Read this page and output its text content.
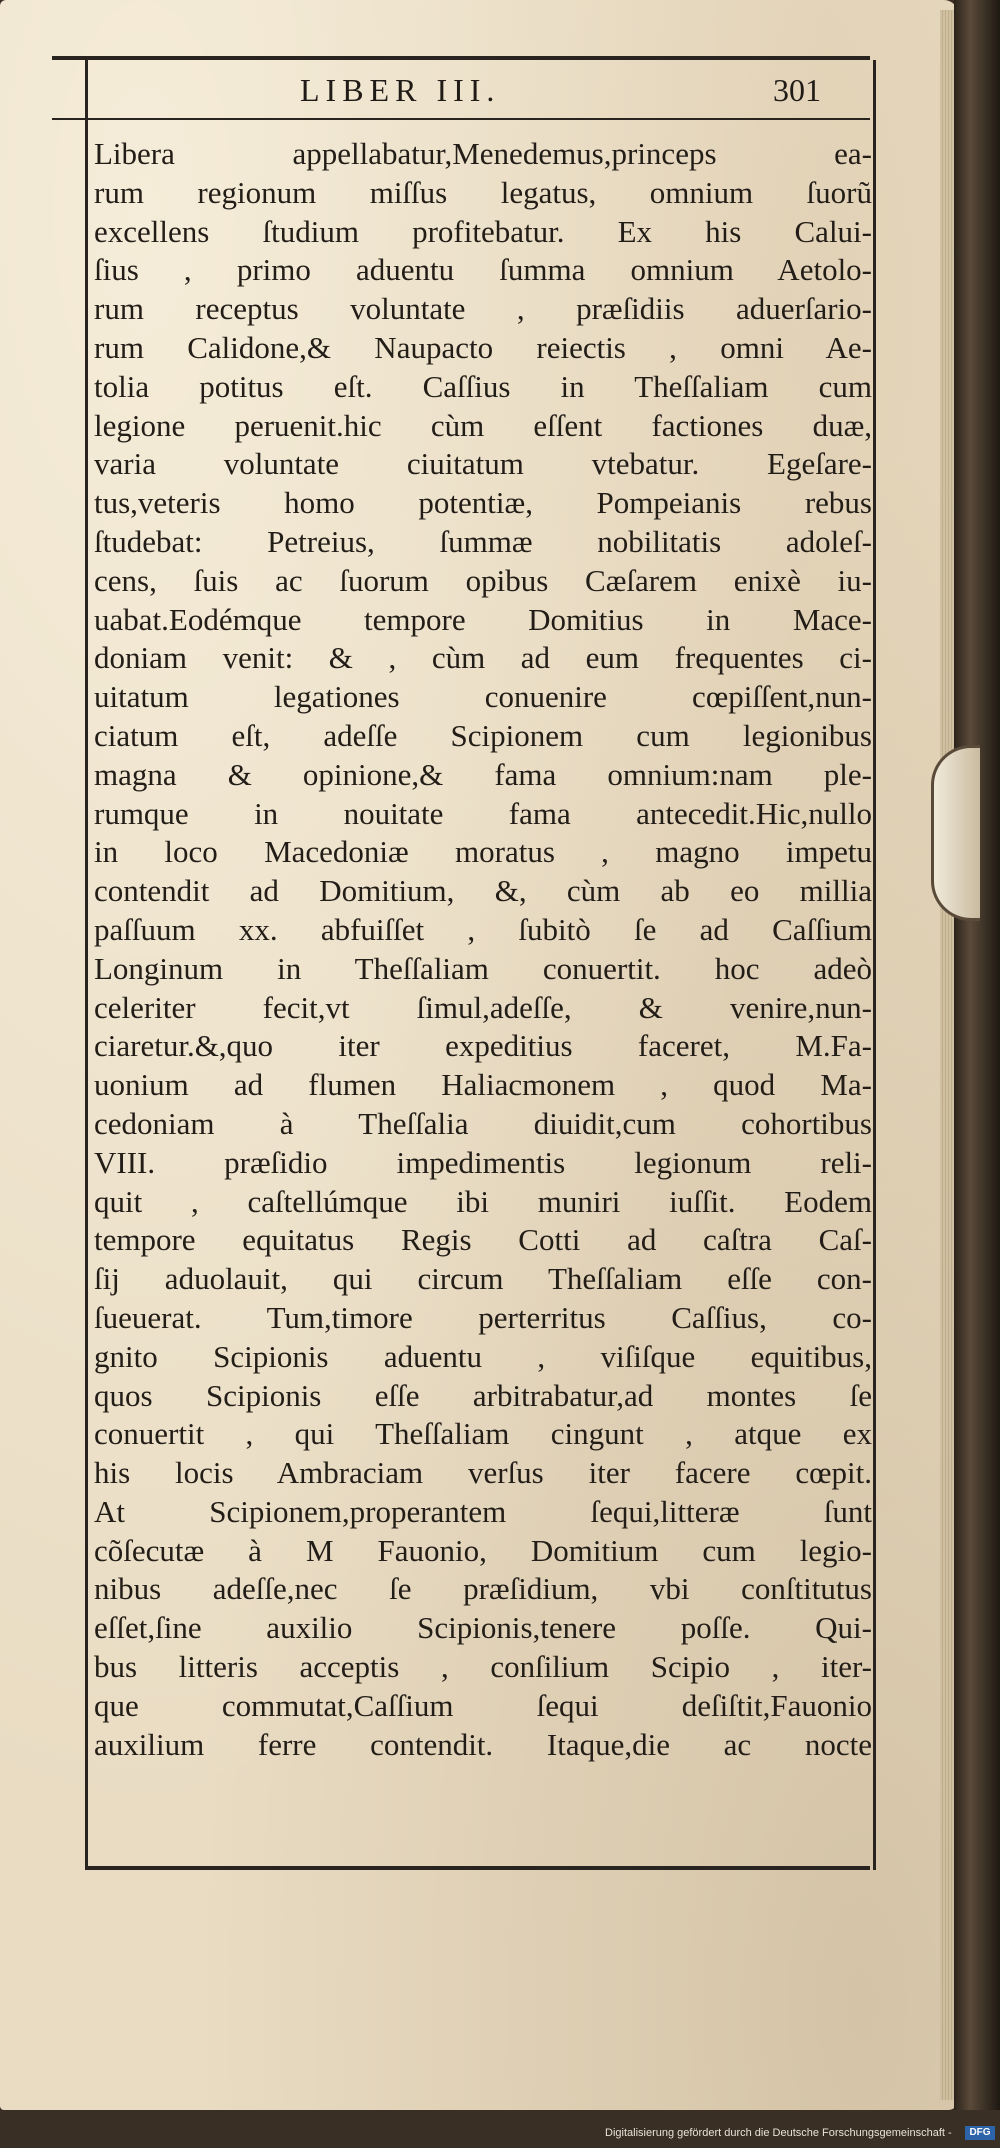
LIBER III.	301
Libera appellabatur,Menedemus,princeps ea-
rum regionum miſſus legatus, omnium ſuorũ
excellens ſtudium profitebatur. Ex his Calui-
ſius , primo aduentu ſumma omnium Aetolo-
rum receptus voluntate , præſidiis aduerſario-
rum Calidone,& Naupacto reiectis , omni Ae-
tolia potitus eſt. Caſſius in Theſſaliam cum
legione peruenit.hic cùm eſſent factiones duæ,
varia voluntate ciuitatum vtebatur. Egeſare-
tus,veteris homo potentiæ, Pompeianis rebus
ſtudebat: Petreius, ſummæ nobilitatis adoleſ-
cens, ſuis ac ſuorum opibus Cæſarem enixè iu-
uabat.Eodémque tempore Domitius in Mace-
doniam venit: & , cùm ad eum frequentes ci-
uitatum legationes conuenire cœpiſſent,nun-
ciatum eſt, adeſſe Scipionem cum legionibus
magna & opinione,& fama omnium:nam ple-
rumque in nouitate fama antecedit.Hic,nullo
in loco Macedoniæ moratus , magno impetu
contendit ad Domitium, &, cùm ab eo millia
paſſuum xx. abfuiſſet , ſubitò ſe ad Caſſium
Longinum in Theſſaliam conuertit. hoc adeò
celeriter fecit,vt ſimul,adeſſe, & venire,nun-
ciaretur.&,quo iter expeditius faceret, M.Fa-
uonium ad flumen Haliacmonem , quod Ma-
cedoniam à Theſſalia diuidit,cum cohortibus
VIII. præſidio impedimentis legionum reli-
quit , caſtellúmque ibi muniri iuſſit. Eodem
tempore equitatus Regis Cotti ad caſtra Caſ-
ſij aduolauit, qui circum Theſſaliam eſſe con-
ſueuerat. Tum,timore perterritus Caſſius, co-
gnito Scipionis aduentu , viſiſque equitibus,
quos Scipionis eſſe arbitrabatur,ad montes ſe
conuertit , qui Theſſaliam cingunt , atque ex
his locis Ambraciam verſus iter facere cœpit.
At Scipionem,properantem ſequi,litteræ ſunt
cõſecutæ à M Fauonio, Domitium cum legio-
nibus adeſſe,nec ſe præſidium, vbi conſtitutus
eſſet,ſine auxilio Scipionis,tenere poſſe. Qui-
bus litteris acceptis , conſilium Scipio , iter-
que commutat,Caſſium ſequi deſiſtit,Fauonio
auxilium ferre contendit. Itaque,die ac nocte
Digitalisierung gefördert durch die Deutsche Forschungsgemeinschaft -	DFG
